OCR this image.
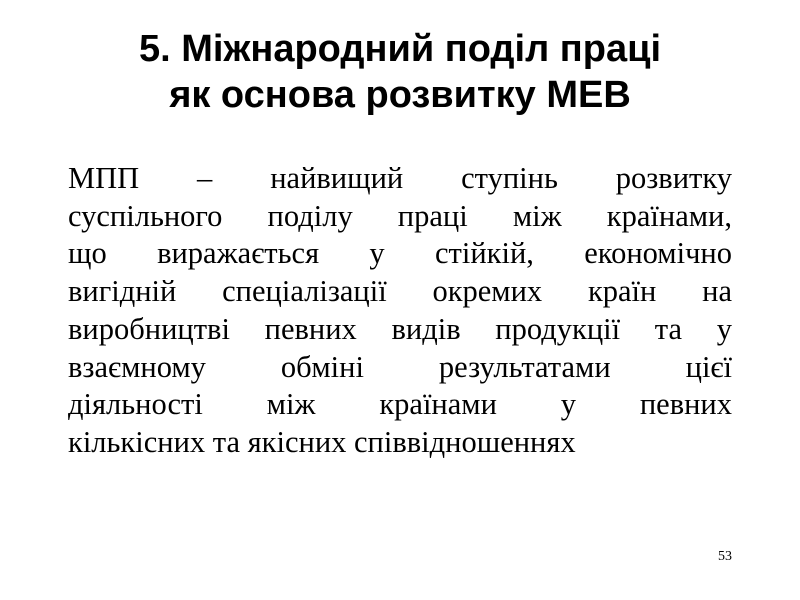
5. Міжнародний поділ праці
як основа розвитку МЕВ

МПП – найвищий ступінь розвитку
суспільного поділу праці між країнами,
що виражається у стійкій, економічно
вигідній спеціалізації окремих країн на
виробництві певних видів продукції та у
взаємному обміні результатами цієї
діяльності між країнами у певних
кількісних та якісних співвідношеннях

53
